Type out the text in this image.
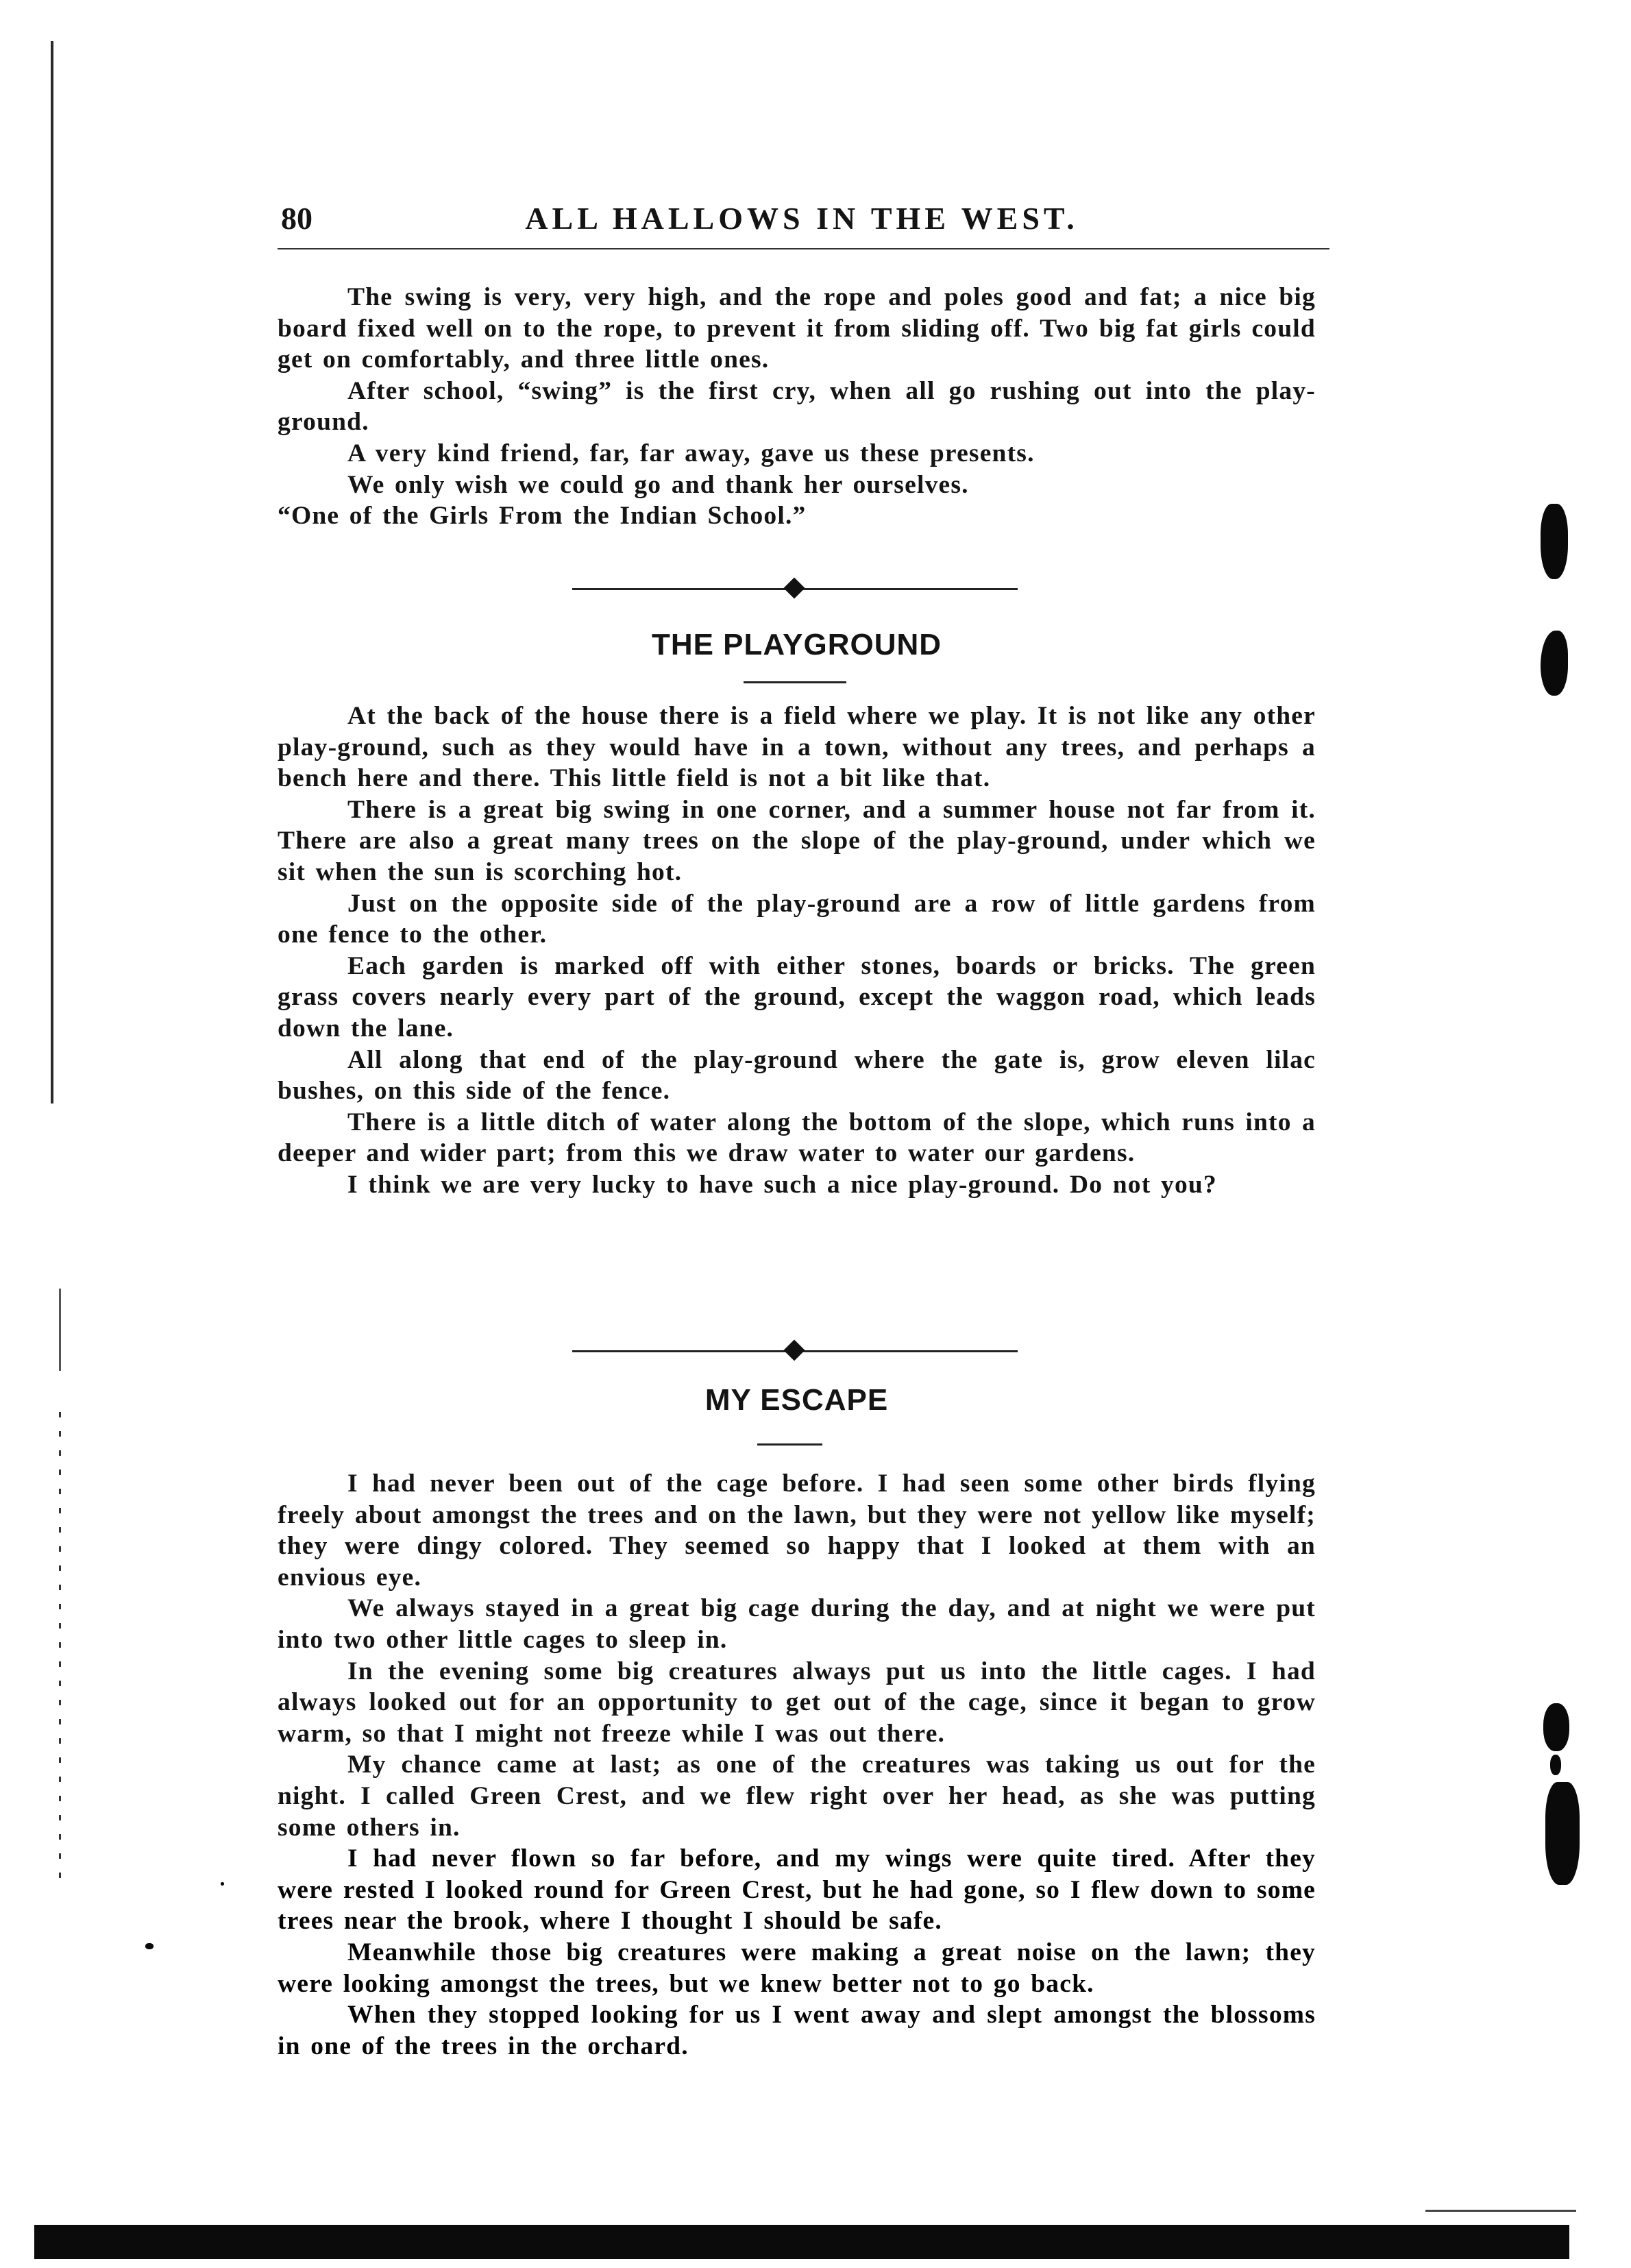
80	ALL HALLOWS IN THE WEST.
The swing is very, very high, and the rope and poles good and fat; a nice big board fixed well on to the rope, to prevent it from sliding off. Two big fat girls could get on comfortably, and three little ones.
After school, “swing” is the first cry, when all go rushing out into the play-ground.
A very kind friend, far, far away, gave us these presents.
We only wish we could go and thank her ourselves.
“One of the Girls From the Indian School.”
THE PLAYGROUND
At the back of the house there is a field where we play. It is not like any other play-ground, such as they would have in a town, without any trees, and perhaps a bench here and there. This little field is not a bit like that.
There is a great big swing in one corner, and a summer house not far from it. There are also a great many trees on the slope of the play-ground, under which we sit when the sun is scorching hot.
Just on the opposite side of the play-ground are a row of little gardens from one fence to the other.
Each garden is marked off with either stones, boards or bricks. The green grass covers nearly every part of the ground, except the waggon road, which leads down the lane.
All along that end of the play-ground where the gate is, grow eleven lilac bushes, on this side of the fence.
There is a little ditch of water along the bottom of the slope, which runs into a deeper and wider part; from this we draw water to water our gardens.
I think we are very lucky to have such a nice play-ground. Do not you?
MY ESCAPE
I had never been out of the cage before. I had seen some other birds flying freely about amongst the trees and on the lawn, but they were not yellow like myself; they were dingy colored. They seemed so happy that I looked at them with an envious eye.
We always stayed in a great big cage during the day, and at night we were put into two other little cages to sleep in.
In the evening some big creatures always put us into the little cages. I had always looked out for an opportunity to get out of the cage, since it began to grow warm, so that I might not freeze while I was out there.
My chance came at last; as one of the creatures was taking us out for the night. I called Green Crest, and we flew right over her head, as she was putting some others in.
I had never flown so far before, and my wings were quite tired. After they were rested I looked round for Green Crest, but he had gone, so I flew down to some trees near the brook, where I thought I should be safe.
Meanwhile those big creatures were making a great noise on the lawn; they were looking amongst the trees, but we knew better not to go back.
When they stopped looking for us I went away and slept amongst the blossoms in one of the trees in the orchard.
